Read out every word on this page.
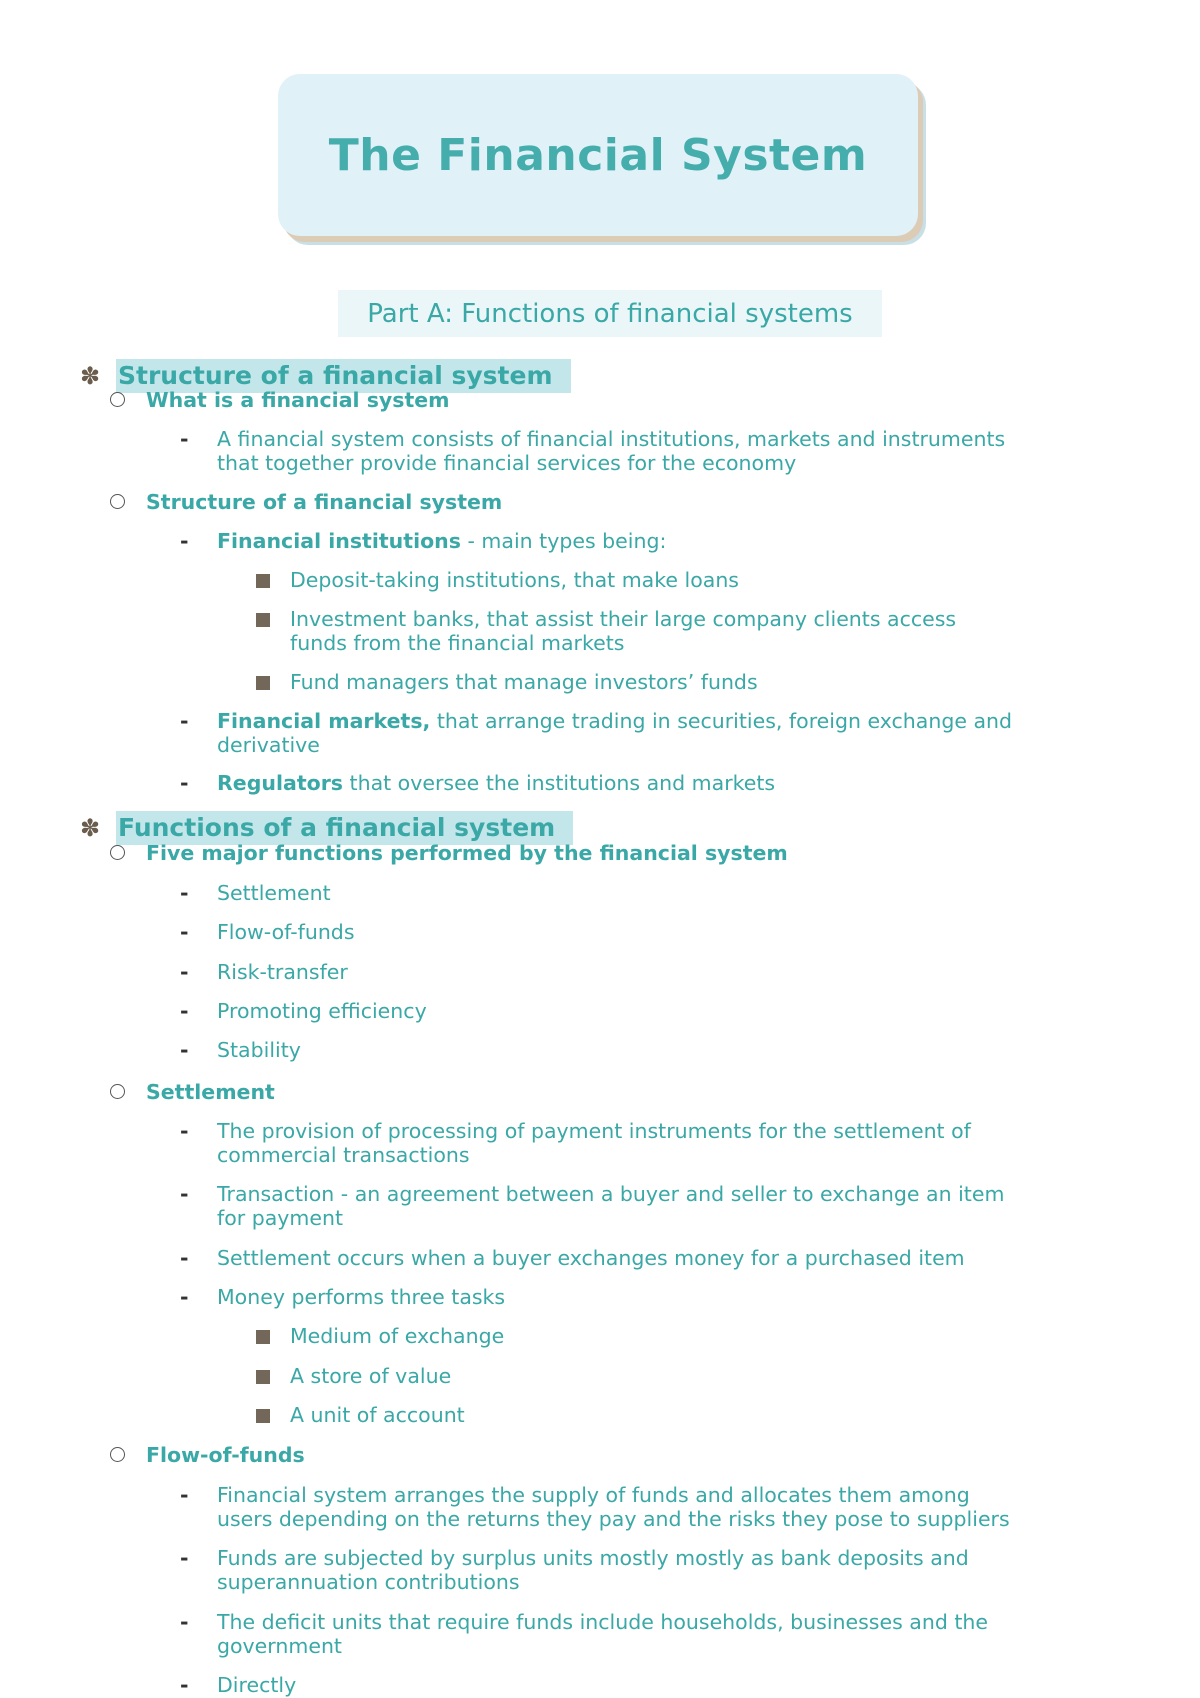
The Financial System
Part A: Functions of financial systems
✽ Structure of a financial system
What is a financial system
- A financial system consists of financial institutions, markets and instruments that together provide financial services for the economy
Structure of a financial system
- Financial institutions - main types being:
Deposit-taking institutions, that make loans
Investment banks, that assist their large company clients access funds from the financial markets
Fund managers that manage investors’ funds
- Financial markets, that arrange trading in securities, foreign exchange and derivative
- Regulators that oversee the institutions and markets
✽ Functions of a financial system
Five major functions performed by the financial system
- Settlement
- Flow-of-funds
- Risk-transfer
- Promoting efficiency
- Stability
Settlement
- The provision of processing of payment instruments for the settlement of commercial transactions
- Transaction - an agreement between a buyer and seller to exchange an item for payment
- Settlement occurs when a buyer exchanges money for a purchased item
- Money performs three tasks
Medium of exchange
A store of value
A unit of account
Flow-of-funds
- Financial system arranges the supply of funds and allocates them among users depending on the returns they pay and the risks they pose to suppliers
- Funds are subjected by surplus units mostly mostly as bank deposits and superannuation contributions
- The deficit units that require funds include households, businesses and the government
- Directly
